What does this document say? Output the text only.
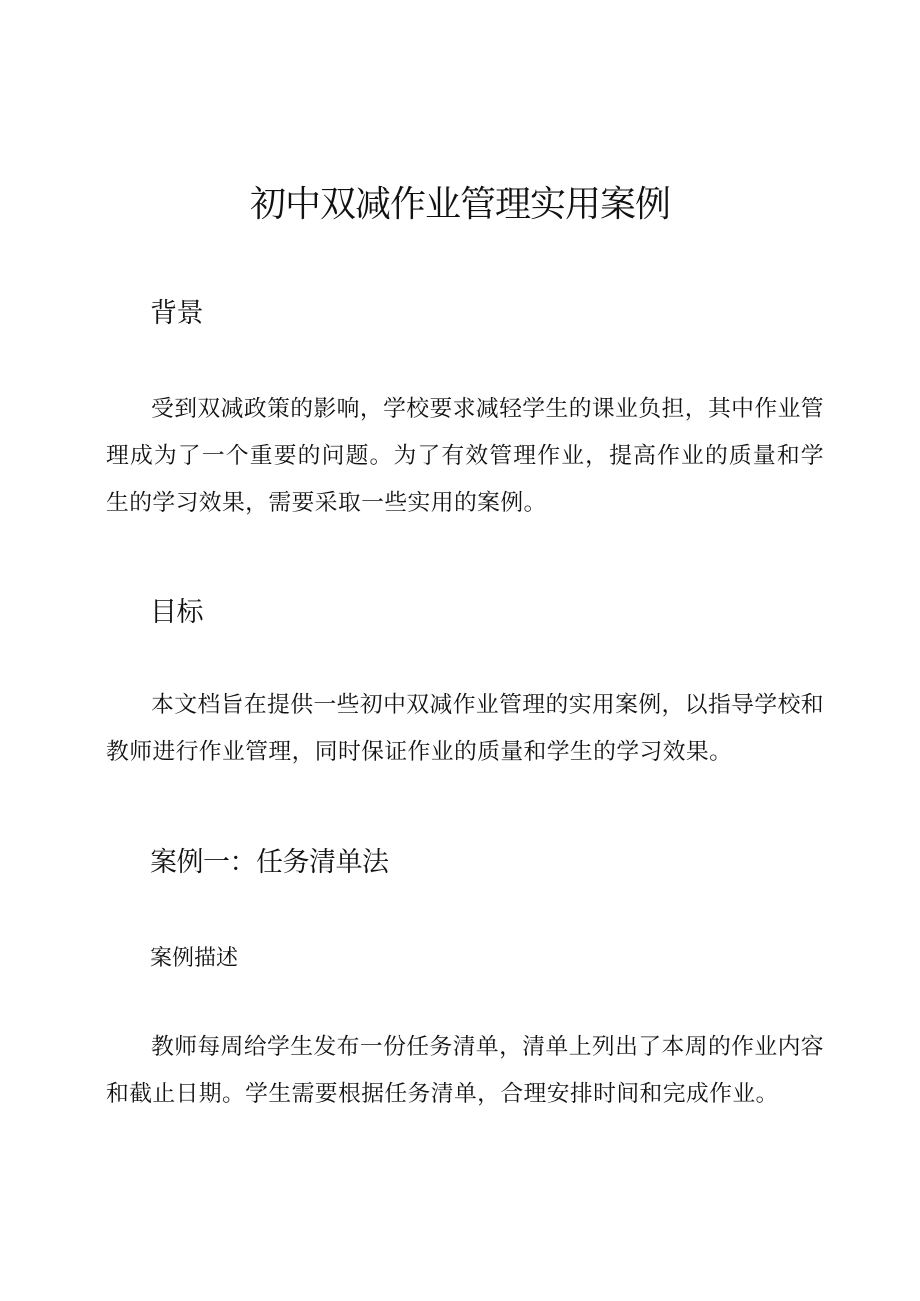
初中双减作业管理实用案例
背景

受到双减政策的影响，学校要求减轻学生的课业负担，其中作业管理成为了一个重要的问题。为了有效管理作业，提高作业的质量和学生的学习效果，需要采取一些实用的案例。

目标

本文档旨在提供一些初中双减作业管理的实用案例，以指导学校和教师进行作业管理，同时保证作业的质量和学生的学习效果。

案例一：任务清单法
案例描述

教师每周给学生发布一份任务清单，清单上列出了本周的作业内容和截止日期。学生需要根据任务清单，合理安排时间和完成作业。
